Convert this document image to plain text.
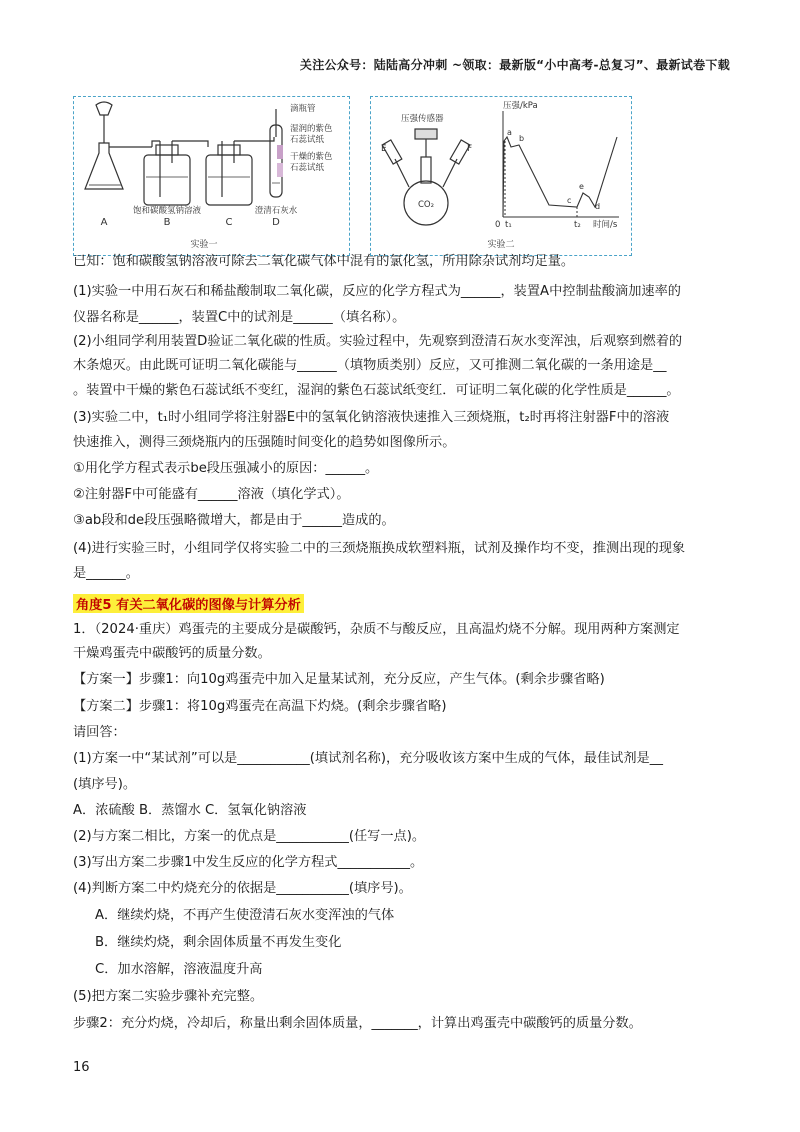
关注公众号：陆陆高分冲刺 ~领取：最新版“小中高考-总复习”、最新试卷下载
A	B	C	D
饱和碳酸氢钠溶液	澄清石灰水
滴瓶管
湿润的紫色
石蕊试纸
干燥的紫色
石蕊试纸
实验一
压强传感器
E	F
CO₂
压强/kPa
时间/s
0 t₁	t₂
a
b
c
d
e
实验二
已知：饱和碳酸氢钠溶液可除去二氧化碳气体中混有的氯化氢，所用除杂试剂均足量。
(1)实验一中用石灰石和稀盐酸制取二氧化碳，反应的化学方程式为______，装置A中控制盐酸滴加速率的
仪器名称是______，装置C中的试剂是______（填名称）。
(2)小组同学利用装置D验证二氧化碳的性质。实验过程中，先观察到澄清石灰水变浑浊，后观察到燃着的
木条熄灭。由此既可证明二氧化碳能与______（填物质类别）反应，又可推测二氧化碳的一条用途是__
。装置中干燥的紫色石蕊试纸不变红，湿润的紫色石蕊试纸变红．可证明二氧化碳的化学性质是______。
(3)实验二中，t₁时小组同学将注射器E中的氢氧化钠溶液快速推入三颈烧瓶，t₂时再将注射器F中的溶液
快速推入，测得三颈烧瓶内的压强随时间变化的趋势如图像所示。
①用化学方程式表示be段压强减小的原因：______。
②注射器F中可能盛有______溶液（填化学式）。
③ab段和de段压强略微增大，都是由于______造成的。
(4)进行实验三时，小组同学仅将实验二中的三颈烧瓶换成软塑料瓶，试剂及操作均不变，推测出现的现象
是______。
角度5 有关二氧化碳的图像与计算分析
1．（2024·重庆）鸡蛋壳的主要成分是碳酸钙，杂质不与酸反应，且高温灼烧不分解。现用两种方案测定
干燥鸡蛋壳中碳酸钙的质量分数。
【方案一】步骤1：向10g鸡蛋壳中加入足量某试剂，充分反应，产生气体。(剩余步骤省略)
【方案二】步骤1：将10g鸡蛋壳在高温下灼烧。(剩余步骤省略)
请回答：
(1)方案一中“某试剂”可以是___________(填试剂名称)，充分吸收该方案中生成的气体，最佳试剂是__
(填序号)。
A．浓硫酸 B．蒸馏水 C．氢氧化钠溶液
(2)与方案二相比，方案一的优点是___________(任写一点)。
(3)写出方案二步骤1中发生反应的化学方程式___________。
(4)判断方案二中灼烧充分的依据是___________(填序号)。
A．继续灼烧，不再产生使澄清石灰水变浑浊的气体
B．继续灼烧，剩余固体质量不再发生变化
C．加水溶解，溶液温度升高
(5)把方案二实验步骤补充完整。
步骤2：充分灼烧，冷却后，称量出剩余固体质量，_______，计算出鸡蛋壳中碳酸钙的质量分数。
16
